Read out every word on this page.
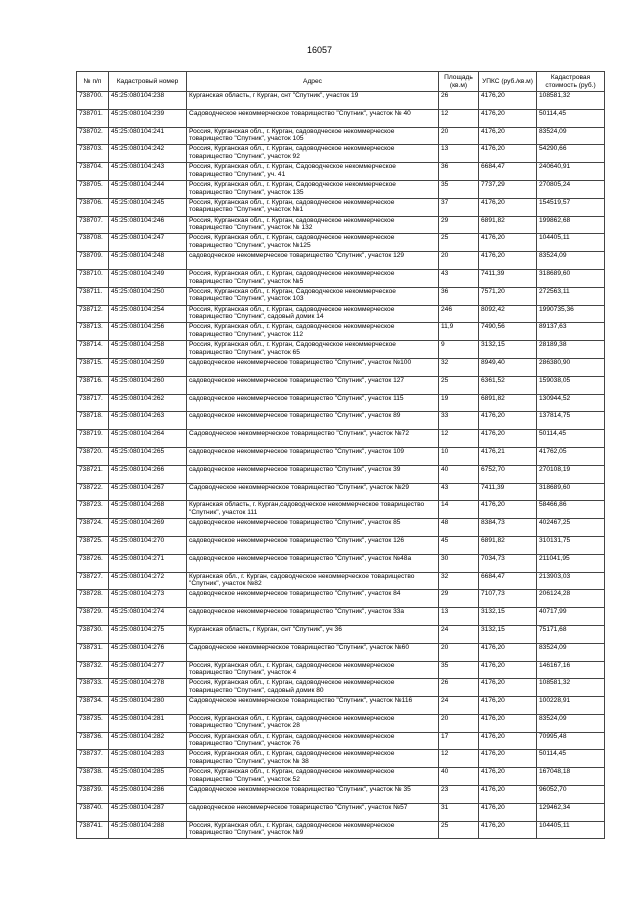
16057
№ п/п	Кадастровый номер	Адрес	Площадь (кв.м)	УПКС (руб./кв.м)	Кадастровая стоимость (руб.)
738700.	45:25:080104:238	Курганская область, г Курган, снт "Спутник", участок 19	26	4176,20	108581,32
738701.	45:25:080104:239	Садоводческое некоммерческое товарищество "Спутник", участок № 40	12	4176,20	50114,45
738702.	45:25:080104:241	Россия, Курганская обл., г. Курган, садоводческое некоммерческое товарищество "Спутник", участок 105	20	4176,20	83524,09
738703.	45:25:080104:242	Россия, Курганская обл., г. Курган, садоводческое некоммерческое товарищество "Спутник", участок 92	13	4176,20	54290,66
738704.	45:25:080104:243	Россия, Курганская обл., г. Курган, Садоводческое некоммерческое товарищество "Спутник", уч. 41	36	6684,47	240640,91
738705.	45:25:080104:244	Россия, Курганская обл., г. Курган, Садоводческое некоммерческое товарищество "Спутник", участок 135	35	7737,29	270805,24
738706.	45:25:080104:245	Россия, Курганская обл., г. Курган, садоводческое некоммерческое товарищество "Спутник", участок №1	37	4176,20	154519,57
738707.	45:25:080104:246	Россия, Курганская обл., г. Курган, садоводческое некоммерческое товарищество "Спутник", участок № 132	29	6891,82	199862,68
738708.	45:25:080104:247	Россия, Курганская обл., г. Курган, садоводческое некоммерческое товарищество "Спутник", участок №125	25	4176,20	104405,11
738709.	45:25:080104:248	садоводческое некоммерческое товарищество "Спутник", участок 129	20	4176,20	83524,09
738710.	45:25:080104:249	Россия, Курганская обл., г. Курган, садоводческое некоммерческое товарищество "Спутник", участок №5	43	7411,39	318689,60
738711.	45:25:080104:250	Россия, Курганская обл., г. Курган, Садоводческое некоммерческое товарищество "Спутник", участок 103	36	7571,20	272563,11
738712.	45:25:080104:254	Россия, Курганская обл., г. Курган, садоводческое некоммерческое товарищество "Спутник", садовый домик 14	246	8092,42	1990735,36
738713.	45:25:080104:256	Россия, Курганская обл., г. Курган, садоводческое некоммерческое товарищество "Спутник", участок 112	11,9	7490,56	89137,63
738714.	45:25:080104:258	Россия, Курганская обл., г. Курган, Садоводческое некоммерческое товарищество "Спутник", участок 65	9	3132,15	28189,38
738715.	45:25:080104:259	садоводческое некоммерческое товарищество "Спутник", участок №100	32	8949,40	286380,90
738716.	45:25:080104:260	садоводческое некоммерческое товарищество "Спутник", участок 127	25	6361,52	159038,05
738717.	45:25:080104:262	садоводческое некоммерческое товарищество "Спутник", участок 115	19	6891,82	130944,52
738718.	45:25:080104:263	садоводческое некоммерческое товарищество "Спутник", участок 89	33	4176,20	137814,75
738719.	45:25:080104:264	Садоводческое некоммерческое товарищество "Спутник", участок №72	12	4176,20	50114,45
738720.	45:25:080104:265	садоводческое некоммерческое товарищество "Спутник", участок 109	10	4176,21	41762,05
738721.	45:25:080104:266	садоводческое некоммерческое товарищество "Спутник", участок 39	40	6752,70	270108,19
738722.	45:25:080104:267	Садоводческое некоммерческое товарищество "Спутник", участок №29	43	7411,39	318689,60
738723.	45:25:080104:268	Курганская область, г. Курган,садоводческое некоммерческое товарищество "Спутник", участок 111	14	4176,20	58466,86
738724.	45:25:080104:269	садоводческое некоммерческое товарищество "Спутник", участок 85	48	8384,73	402467,25
738725.	45:25:080104:270	садоводческое некоммерческое товарищество "Спутник", участок 126	45	6891,82	310131,75
738726.	45:25:080104:271	садоводческое некоммерческое товарищество "Спутник", участок №48а	30	7034,73	211041,95
738727.	45:25:080104:272	Курганская обл., г. Курган, садоводческое некоммерческое товарищество "Спутник", участок №82	32	6684,47	213903,03
738728.	45:25:080104:273	садоводческое некоммерческое товарищество "Спутник", участок 84	29	7107,73	206124,28
738729.	45:25:080104:274	садоводческое некоммерческое товарищество "Спутник", участок 33а	13	3132,15	40717,99
738730.	45:25:080104:275	Курганская область, г Курган, снт "Спутник", уч 36	24	3132,15	75171,68
738731.	45:25:080104:276	Садоводческое некоммерческое товарищество "Спутник", участок №60	20	4176,20	83524,09
738732.	45:25:080104:277	Россия, Курганская обл., г. Курган, садоводческое некоммерческое товарищество "Спутник", участок 4	35	4176,20	146167,16
738733.	45:25:080104:278	Россия, Курганская обл., г. Курган, садоводческое некоммерческое товарищество "Спутник", садовый домик 80	26	4176,20	108581,32
738734.	45:25:080104:280	Садоводческое некоммерческое товарищество "Спутник", участок №116	24	4176,20	100228,91
738735.	45:25:080104:281	Россия, Курганская обл., г. Курган, садоводческое некоммерческое товарищество "Спутник", участок 28	20	4176,20	83524,09
738736.	45:25:080104:282	Россия, Курганская обл., г. Курган, садоводческое некоммерческое товарищество "Спутник", участок 76	17	4176,20	70995,48
738737.	45:25:080104:283	Россия, Курганская обл., г. Курган, садоводческое некоммерческое товарищество "Спутник", участок № 38	12	4176,20	50114,45
738738.	45:25:080104:285	Россия, Курганская обл., г. Курган, садоводческое некоммерческое товарищество "Спутник", участок 52	40	4176,20	167048,18
738739.	45:25:080104:286	Садоводческое некоммерческое товарищество "Спутник", участок № 35	23	4176,20	96052,70
738740.	45:25:080104:287	садоводческое некоммерческое товарищество "Спутник", участок №57	31	4176,20	129462,34
738741.	45:25:080104:288	Россия, Курганская обл., г. Курган, садоводческое некоммерческое товарищество "Спутник", участок №9	25	4176,20	104405,11
